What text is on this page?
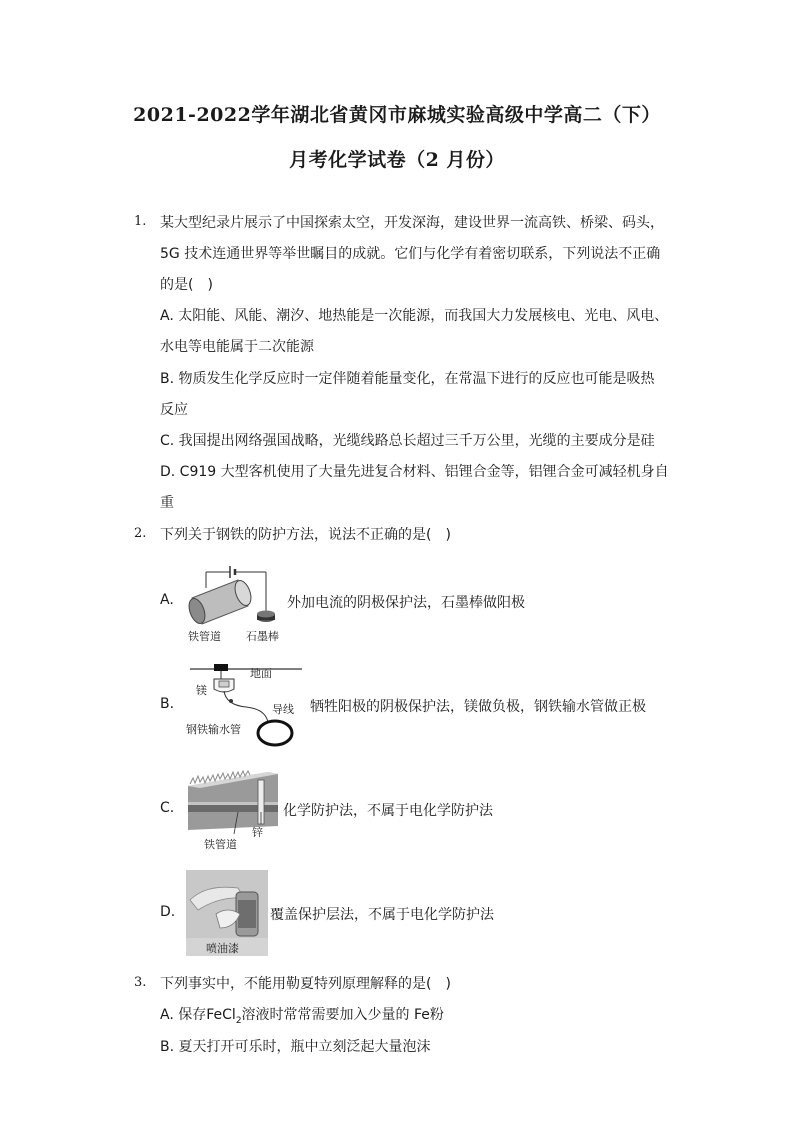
2021-2022学年湖北省黄冈市麻城实验高级中学高二（下）
月考化学试卷（2 月份）
1. 某大型纪录片展示了中国探索太空，开发深海，建设世界一流高铁、桥梁、码头，
5G 技术连通世界等举世瞩目的成就。它们与化学有着密切联系，下列说法不正确
的是(　)
A. 太阳能、风能、潮汐、地热能是一次能源，而我国大力发展核电、光电、风电、
水电等电能属于二次能源
B. 物质发生化学反应时一定伴随着能量变化，在常温下进行的反应也可能是吸热
反应
C. 我国提出网络强国战略，光缆线路总长超过三千万公里，光缆的主要成分是硅
D. C919 大型客机使用了大量先进复合材料、铝锂合金等，铝锂合金可减轻机身自
重
2. 下列关于钢铁的防护方法，说法不正确的是(　)
A.
铁管道 石墨棒
外加电流的阴极保护法，石墨棒做阳极
B.
地面
镁
导线
钢铁输水管
牺牲阳极的阴极保护法，镁做负极，钢铁输水管做正极
C.
锌
铁管道
化学防护法，不属于电化学防护法
D.
喷油漆
覆盖保护层法，不属于电化学防护法
3. 下列事实中，不能用勒夏特列原理解释的是(　)
A. 保存FeCl$_2$溶液时常常需要加入少量的 Fe粉
B. 夏天打开可乐时，瓶中立刻泛起大量泡沫
